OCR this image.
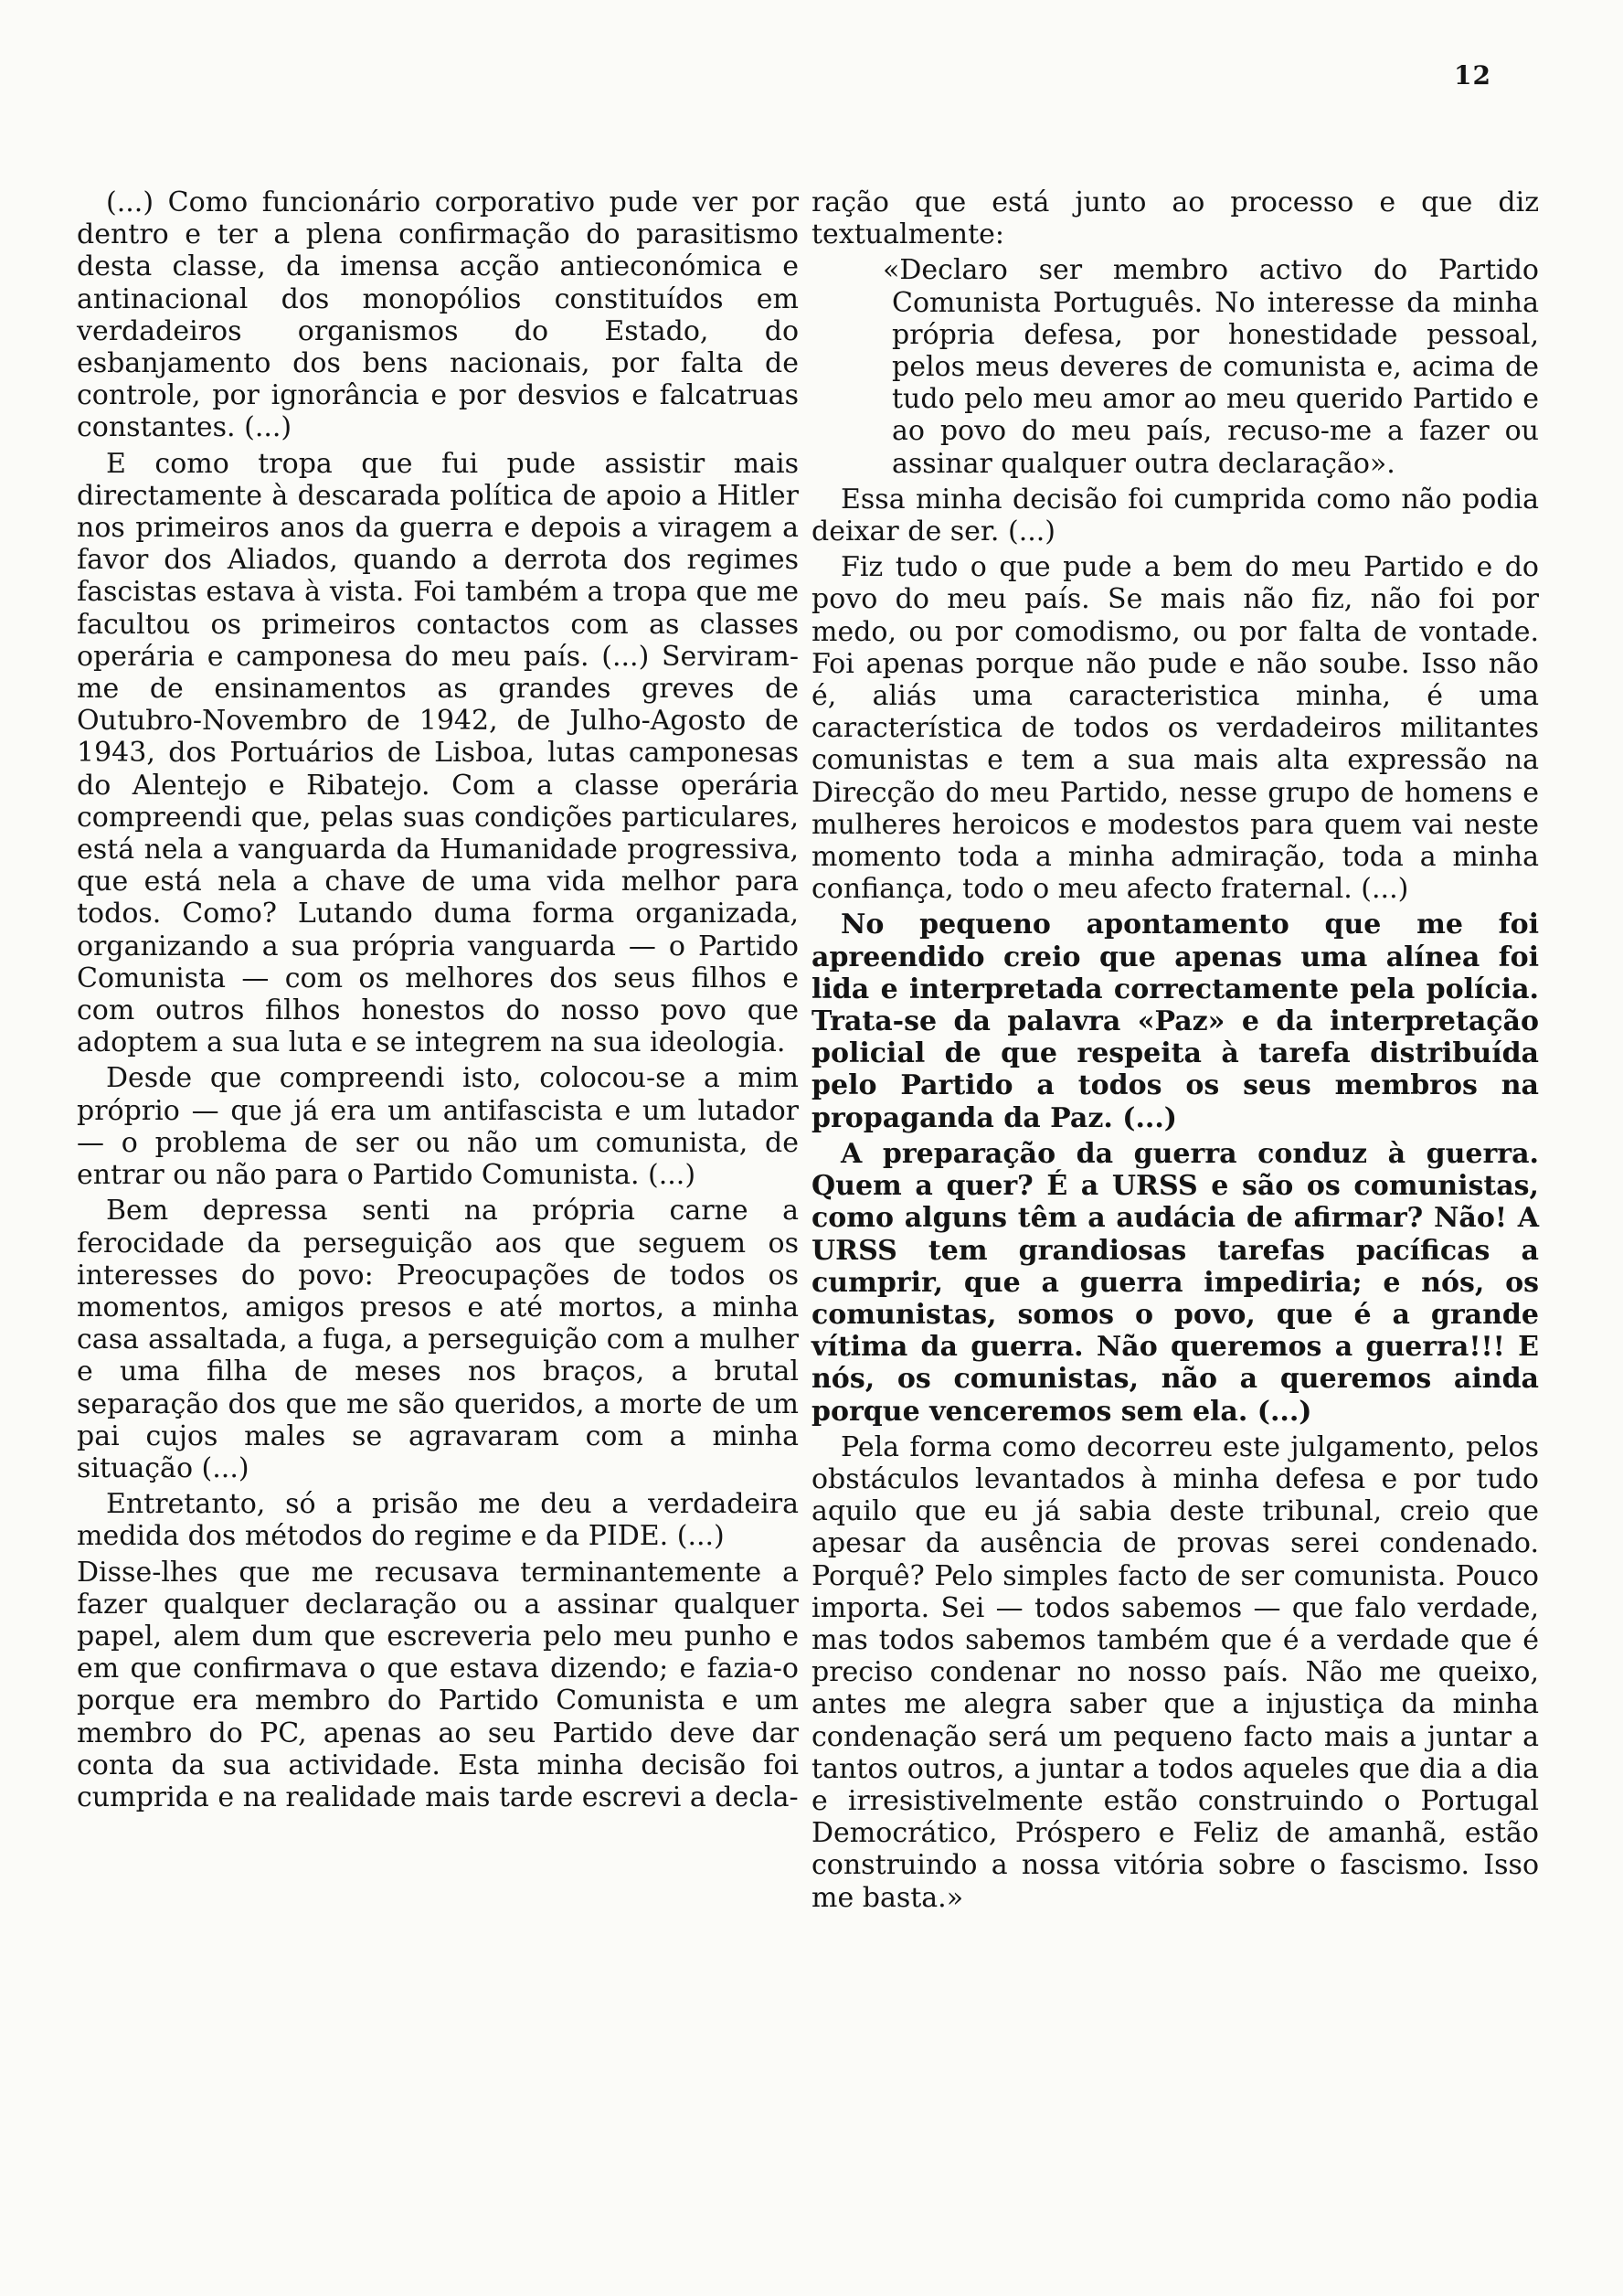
12

(...) Como funcionário corporativo pude ver por dentro e ter a plena confirmação do parasitismo desta classe, da imensa acção antieconómica e antinacional dos monopólios constituídos em verdadeiros organismos do Estado, do esbanjamento dos bens nacionais, por falta de controle, por ignorância e por desvios e falcatruas constantes. (...)

E como tropa que fui pude assistir mais directamente à descarada política de apoio a Hitler nos primeiros anos da guerra e depois a viragem a favor dos Aliados, quando a derrota dos regimes fascistas estava à vista. Foi também a tropa que me facultou os primeiros contactos com as classes operária e camponesa do meu país. (...) Serviram-me de ensinamentos as grandes greves de Outubro-Novembro de 1942, de Julho-Agosto de 1943, dos Portuários de Lisboa, lutas camponesas do Alentejo e Ribatejo. Com a classe operária compreendi que, pelas suas condições particulares, está nela a vanguarda da Humanidade progressiva, que está nela a chave de uma vida melhor para todos. Como? Lutando duma forma organizada, organizando a sua própria vanguarda — o Partido Comunista — com os melhores dos seus filhos e com outros filhos honestos do nosso povo que adoptem a sua luta e se integrem na sua ideologia.

Desde que compreendi isto, colocou-se a mim próprio — que já era um antifascista e um lutador — o problema de ser ou não um comunista, de entrar ou não para o Partido Comunista. (...)

Bem depressa senti na própria carne a ferocidade da perseguição aos que seguem os interesses do povo: Preocupações de todos os momentos, amigos presos e até mortos, a minha casa assaltada, a fuga, a perseguição com a mulher e uma filha de meses nos braços, a brutal separação dos que me são queridos, a morte de um pai cujos males se agravaram com a minha situação (...)

Entretanto, só a prisão me deu a verdadeira medida dos métodos do regime e da PIDE. (...)

Disse-lhes que me recusava terminantemente a fazer qualquer declaração ou a assinar qualquer papel, alem dum que escreveria pelo meu punho e em que confirmava o que estava dizendo; e fazia-o porque era membro do Partido Comunista e um membro do PC, apenas ao seu Partido deve dar conta da sua actividade. Esta minha decisão foi cumprida e na realidade mais tarde escrevi a decla-

ração que está junto ao processo e que diz textualmente:

«Declaro ser membro activo do Partido Comunista Português. No interesse da minha própria defesa, por honestidade pessoal, pelos meus deveres de comunista e, acima de tudo pelo meu amor ao meu querido Partido e ao povo do meu país, recuso-me a fazer ou assinar qualquer outra declaração».

Essa minha decisão foi cumprida como não podia deixar de ser. (...)

Fiz tudo o que pude a bem do meu Partido e do povo do meu país. Se mais não fiz, não foi por medo, ou por comodismo, ou por falta de vontade. Foi apenas porque não pude e não soube. Isso não é, aliás uma caracteristica minha, é uma característica de todos os verdadeiros militantes comunistas e tem a sua mais alta expressão na Direcção do meu Partido, nesse grupo de homens e mulheres heroicos e modestos para quem vai neste momento toda a minha admiração, toda a minha confiança, todo o meu afecto fraternal. (...)

No pequeno apontamento que me foi apreendido creio que apenas uma alínea foi lida e interpretada correctamente pela polícia. Trata-se da palavra «Paz» e da interpretação policial de que respeita à tarefa distribuída pelo Partido a todos os seus membros na propaganda da Paz. (...)

A preparação da guerra conduz à guerra. Quem a quer? É a URSS e são os comunistas, como alguns têm a audácia de afirmar? Não! A URSS tem grandiosas tarefas pacíficas a cumprir, que a guerra impediria; e nós, os comunistas, somos o povo, que é a grande vítima da guerra. Não queremos a guerra!!! E nós, os comunistas, não a queremos ainda porque venceremos sem ela. (...)

Pela forma como decorreu este julgamento, pelos obstáculos levantados à minha defesa e por tudo aquilo que eu já sabia deste tribunal, creio que apesar da ausência de provas serei condenado. Porquê? Pelo simples facto de ser comunista. Pouco importa. Sei — todos sabemos — que falo verdade, mas todos sabemos também que é a verdade que é preciso condenar no nosso país. Não me queixo, antes me alegra saber que a injustiça da minha condenação será um pequeno facto mais a juntar a tantos outros, a juntar a todos aqueles que dia a dia e irresistivelmente estão construindo o Portugal Democrático, Próspero e Feliz de amanhã, estão construindo a nossa vitória sobre o fascismo. Isso me basta.»
